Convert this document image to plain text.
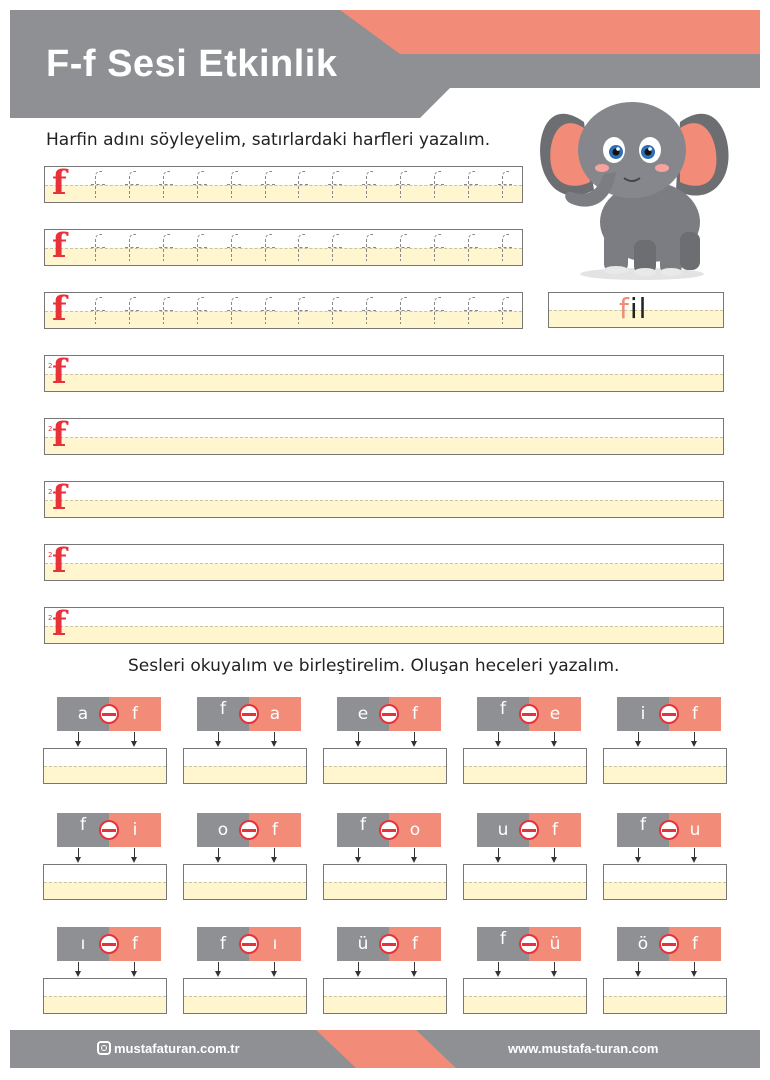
F-f Sesi Etkinlik
Harfin adını söyleyelim, satırlardaki harfleri yazalım.
f
f
f	fil
2 f
2 f
2 f
2 f
2 f
Sesleri okuyalım ve birleştirelim. Oluşan heceleri yazalım.
a	f	f	a	e	f	f	e	i	f
f	i	o	f	f	o	u	f	f	u
ı	f	f	ı	ü	f	f	ü	ö	f
mustafaturan.com.tr	www.mustafa-turan.com
